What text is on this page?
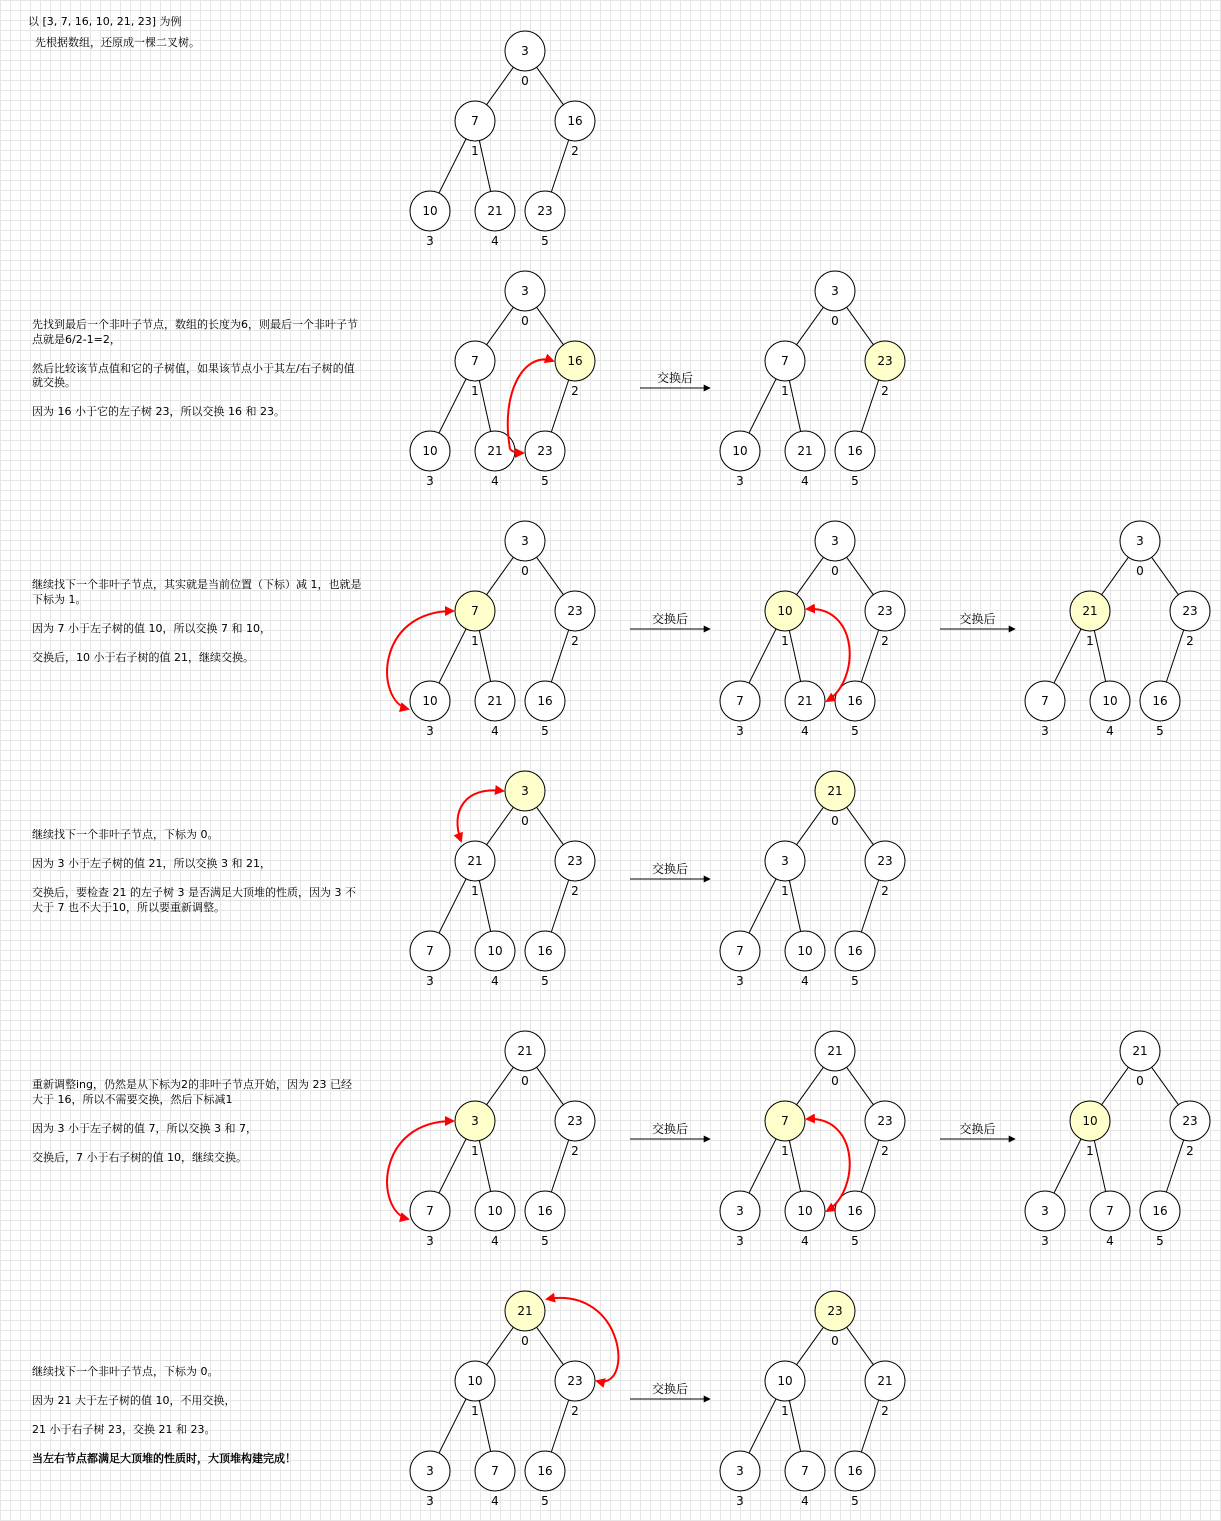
以 [3, 7, 16, 10, 21, 23] 为例
先根据数组，还原成一棵二叉树。

先找到最后一个非叶子节点，数组的长度为6，则最后一个非叶子节点就是6/2-1=2，

然后比较该节点值和它的子树值，如果该节点小于其左/右子树的值就交换。

因为 16 小于它的左子树 23，所以交换 16 和 23。

继续找下一个非叶子节点，其实就是当前位置（下标）减 1，也就是下标为 1。

因为 7 小于左子树的值 10，所以交换 7 和 10，

交换后，10 小于右子树的值 21，继续交换。

继续找下一个非叶子节点，下标为 0。

因为 3 小于左子树的值 21，所以交换 3 和 21，

交换后，要检查 21 的左子树 3 是否满足大顶堆的性质，因为 3 不大于 7 也不大于10，所以要重新调整。

重新调整ing，仍然是从下标为2的非叶子节点开始，因为 23 已经大于 16，所以不需要交换，然后下标减1

因为 3 小于左子树的值 7，所以交换 3 和 7，

交换后，7 小于右子树的值 10，继续交换。

继续找下一个非叶子节点，下标为 0。

因为 21 大于左子树的值 10，不用交换，

21 小于右子树 23，交换 21 和 23。

当左右节点都满足大顶堆的性质时，大顶堆构建完成！

3
0
7
1
16
2
10
3
21
4
23
5
3
0
7
1
16
2
10
3
21
4
23
5
3
0
7
1
23
2
10
3
21
4
16
5
交换后
3
0
7
1
23
2
10
3
21
4
16
5
3
0
10
1
23
2
7
3
21
4
16
5
3
0
21
1
23
2
7
3
10
4
16
5
交换后	交换后
3
0
21
1
23
2
7
3
10
4
16
5
21
0
3
1
23
2
7
3
10
4
16
5
交换后
21
0
3
1
23
2
7
3
10
4
16
5
21
0
7
1
23
2
3
3
10
4
16
5
21
0
10
1
23
2
3
3
7
4
16
5
交换后	交换后
21
0
10
1
23
2
3
3
7
4
16
5
23
0
10
1
21
2
3
3
7
4
16
5
交换后
